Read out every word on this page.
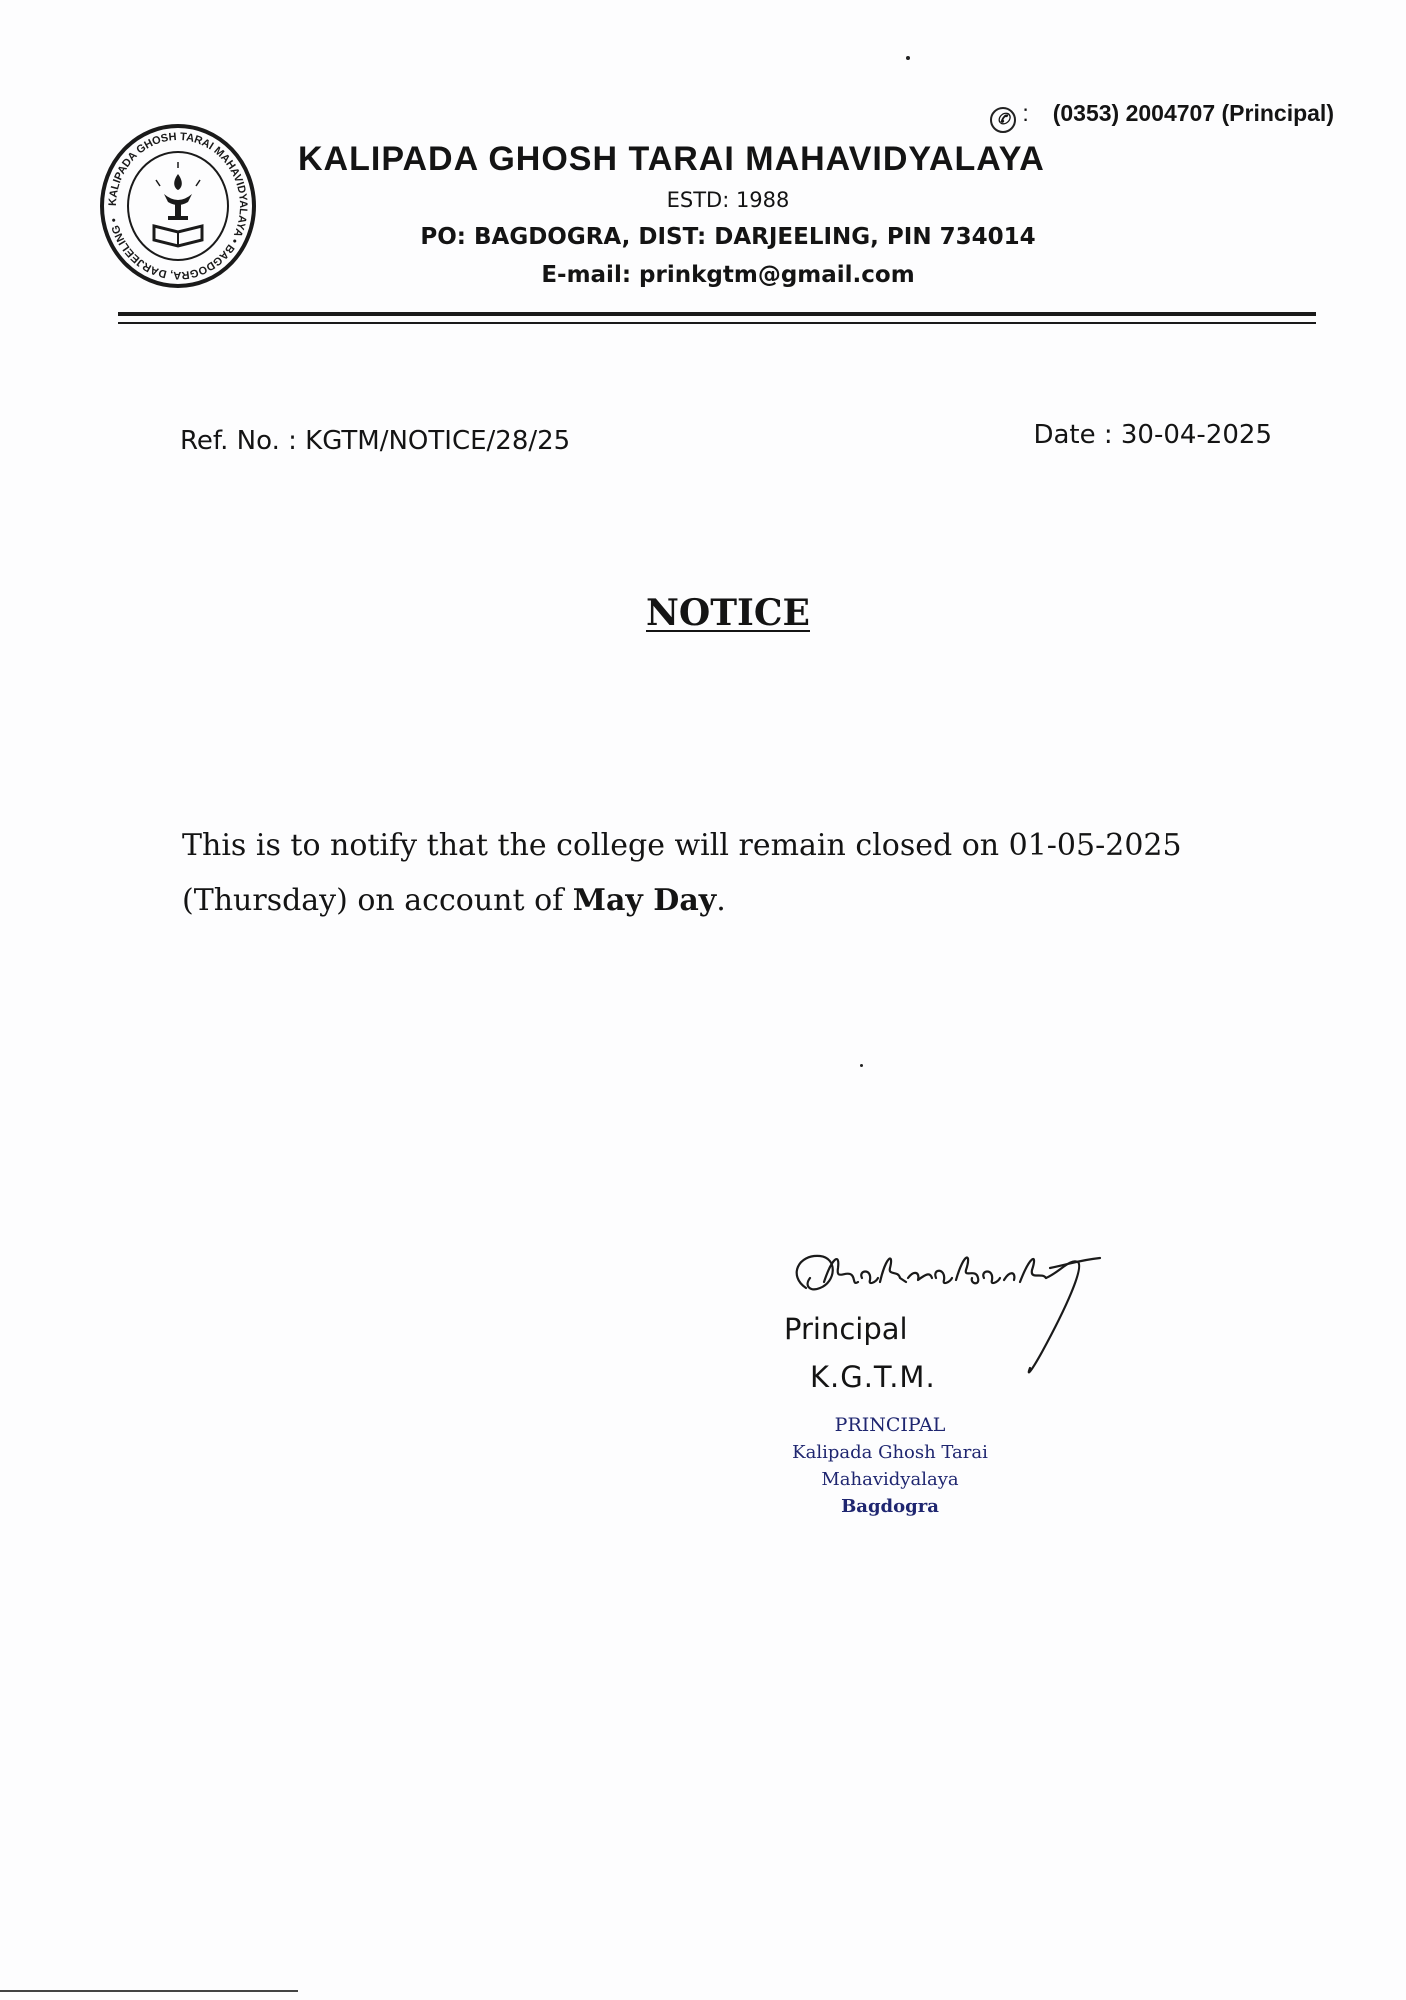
KALIPADA GHOSH TARAI MAHAVIDYALAYA • BAGDOGRA, DARJEELING •
✆ : (0353) 2004707 (Principal)
KALIPADA GHOSH TARAI MAHAVIDYALAYA
ESTD: 1988
PO: BAGDOGRA, DIST: DARJEELING, PIN 734014
E-mail: prinkgtm@gmail.com
Ref. No. : KGTM/NOTICE/28/25	Date : 30-04-2025
NOTICE
This is to notify that the college will remain closed on 01-05-2025 (Thursday) on account of May Day.
Principal
K.G.T.M.
PRINCIPAL
Kalipada Ghosh Tarai
Mahavidyalaya
Bagdogra
